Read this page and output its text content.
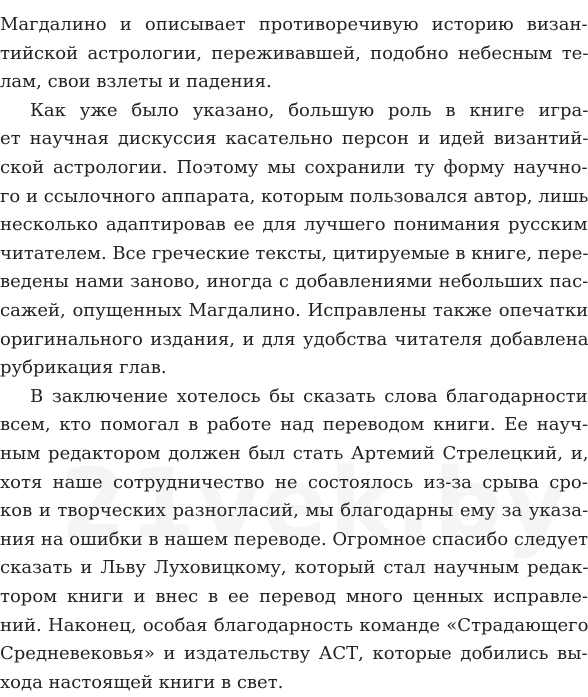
Магдалино и описывает противоречивую историю визан-
тийской астрологии, переживавшей, подобно небесным те-
лам, свои взлеты и падения.
Как уже было указано, большую роль в книге игра-
ет научная дискуссия касательно персон и идей византий-
ской астрологии. Поэтому мы сохранили ту форму научно-
го и ссылочного аппарата, которым пользовался автор, лишь
несколько адаптировав ее для лучшего понимания русским
читателем. Все греческие тексты, цитируемые в книге, пере-
ведены нами заново, иногда с добавлениями небольших пас-
сажей, опущенных Магдалино. Исправлены также опечатки
оригинального издания, и для удобства читателя добавлена
рубрикация глав.
В заключение хотелось бы сказать слова благодарности
всем, кто помогал в работе над переводом книги. Ее науч-
ным редактором должен был стать Артемий Стрелецкий, и,
хотя наше сотрудничество не состоялось из-за срыва сро-
ков и творческих разногласий, мы благодарны ему за указа-
ния на ошибки в нашем переводе. Огромное спасибо следует
сказать и Льву Луховицкому, который стал научным редак-
тором книги и внес в ее перевод много ценных исправле-
ний. Наконец, особая благодарность команде «Страдающего
Средневековья» и издательству АСТ, которые добились вы-
хода настоящей книги в свет.
